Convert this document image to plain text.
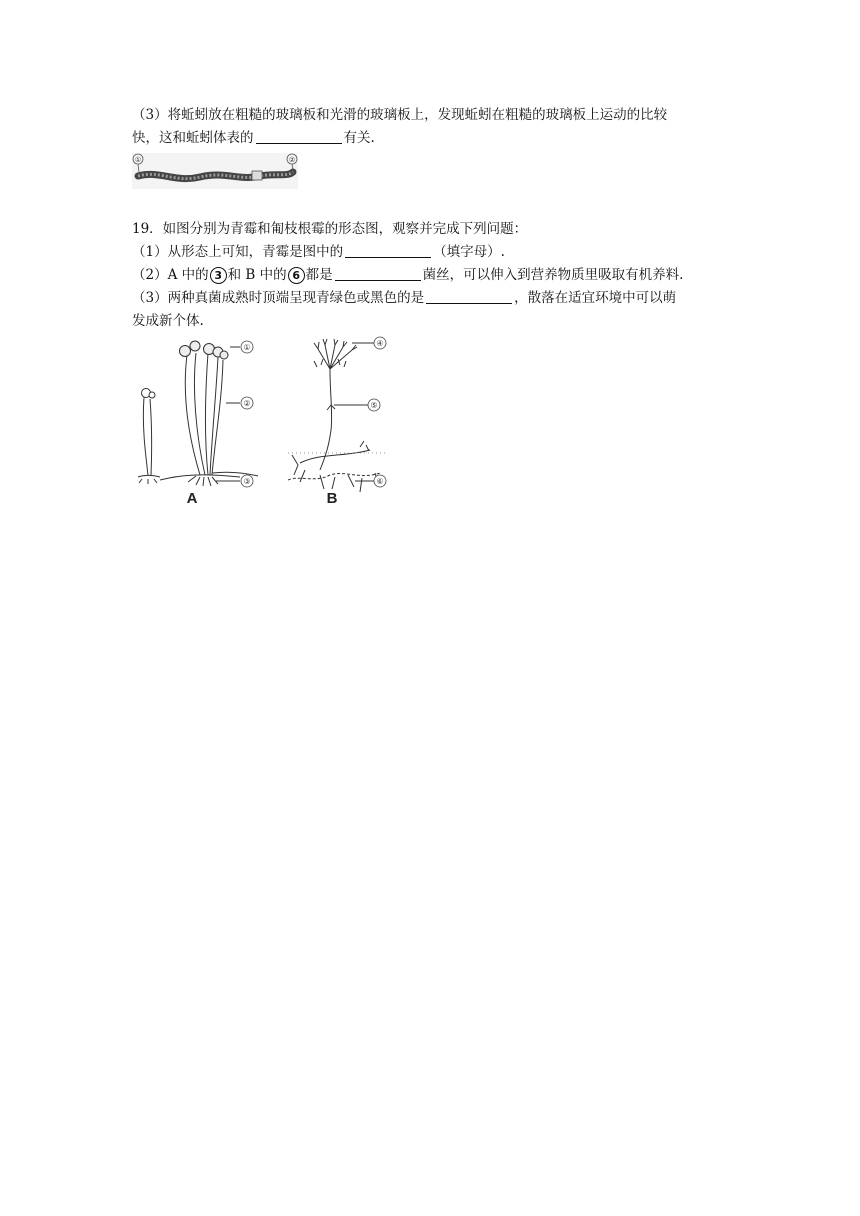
（3）将蚯蚓放在粗糙的玻璃板和光滑的玻璃板上，发现蚯蚓在粗糙的玻璃板上运动的比较
快，这和蚯蚓体表的	有关.
①	②
19．如图分别为青霉和匍枝根霉的形态图，观察并完成下列问题：
（1）从形态上可知，青霉是图中的	（填字母）.
（2）A 中的 3 和 B 中的 6 都是	菌丝，可以伸入到营养物质里吸取有机养料.
（3）两种真菌成熟时顶端呈现青绿色或黑色的是	，散落在适宜环境中可以萌
发成新个体.
①
②
③
A
④
⑤
⑥
B
